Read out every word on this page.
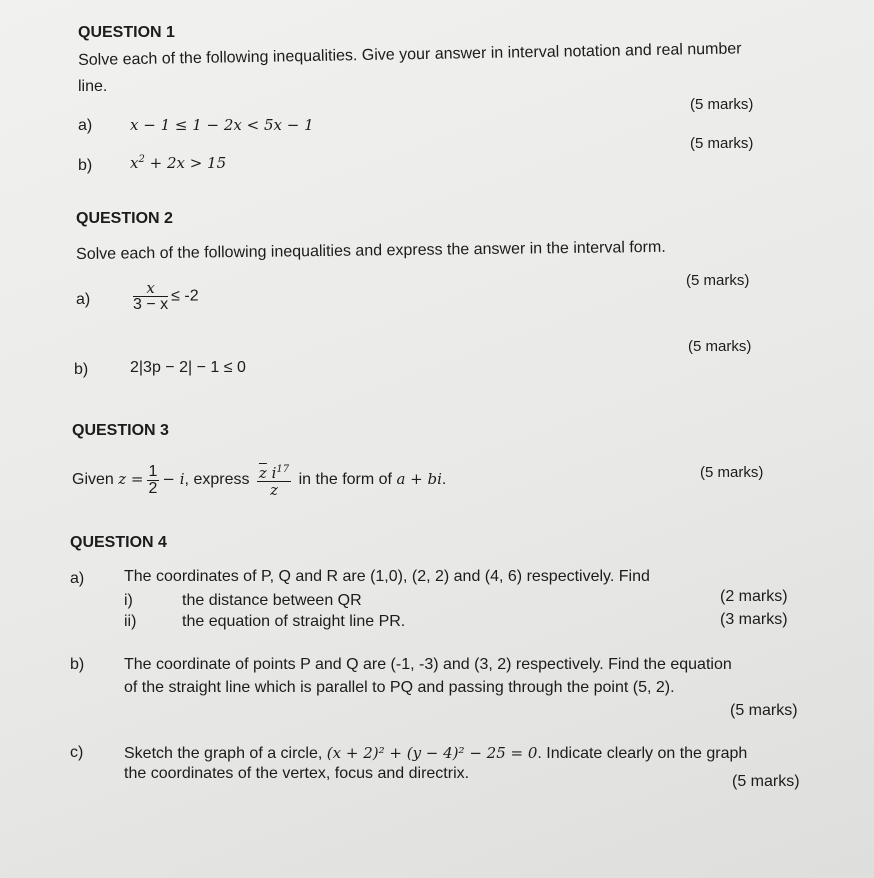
QUESTION 1
Solve each of the following inequalities. Give your answer in interval notation and real number
line.
a)	x − 1 ≤ 1 − 2x < 5x − 1
(5 marks)
b)	$x^2 + 2x > 15$
(5 marks)
QUESTION 2
Solve each of the following inequalities and express the answer in the interval form.
a)	$\frac{x}{3 - x} \le -2$
(5 marks)
b)	2|3p − 2| − 1 ≤ 0
(5 marks)
QUESTION 3
Given $z = \frac{1}{2} - i$, express $\frac{\overline{z} i^{17}}{z}$ in the form of a + bi.	(5 marks)
QUESTION 4
a) The coordinates of P, Q and R are (1,0), (2, 2) and (4, 6) respectively. Find
i)	the distance between QR	(2 marks)
ii)	the equation of straight line PR.	(3 marks)
b) The coordinate of points P and Q are (-1, -3) and (3, 2) respectively. Find the equation
of the straight line which is parallel to PQ and passing through the point (5, 2).
(5 marks)
c)	Sketch the graph of a circle, (x + 2)² + (y − 4)² − 25 = 0. Indicate clearly on the graph
the coordinates of the vertex, focus and directrix.	(5 marks)
